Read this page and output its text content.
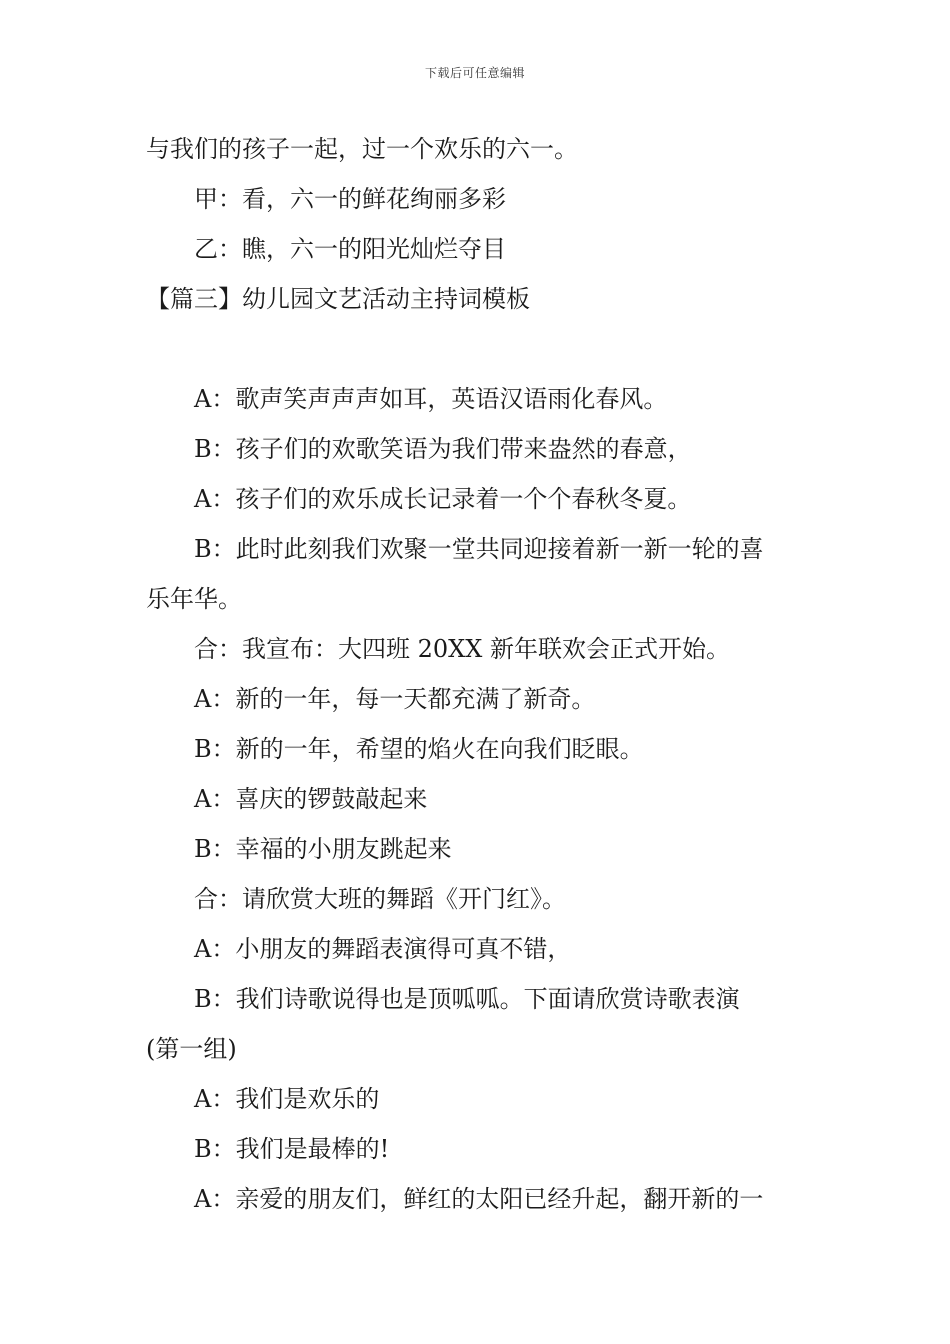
下载后可任意编辑
与我们的孩子一起，过一个欢乐的六一。
甲：看，六一的鲜花绚丽多彩
乙：瞧，六一的阳光灿烂夺目
【篇三】幼儿园文艺活动主持词模板
A：歌声笑声声声如耳，英语汉语雨化春风。
B：孩子们的欢歌笑语为我们带来盎然的春意，
A：孩子们的欢乐成长记录着一个个春秋冬夏。
B：此时此刻我们欢聚一堂共同迎接着新一新一轮的喜
乐年华。
合：我宣布：大四班 20XX 新年联欢会正式开始。
A：新的一年，每一天都充满了新奇。
B：新的一年，希望的焰火在向我们眨眼。
A：喜庆的锣鼓敲起来
B：幸福的小朋友跳起来
合：请欣赏大班的舞蹈《开门红》。
A：小朋友的舞蹈表演得可真不错，
B：我们诗歌说得也是顶呱呱。下面请欣赏诗歌表演
(第一组)
A：我们是欢乐的
B：我们是最棒的!
A：亲爱的朋友们，鲜红的太阳已经升起，翻开新的一
